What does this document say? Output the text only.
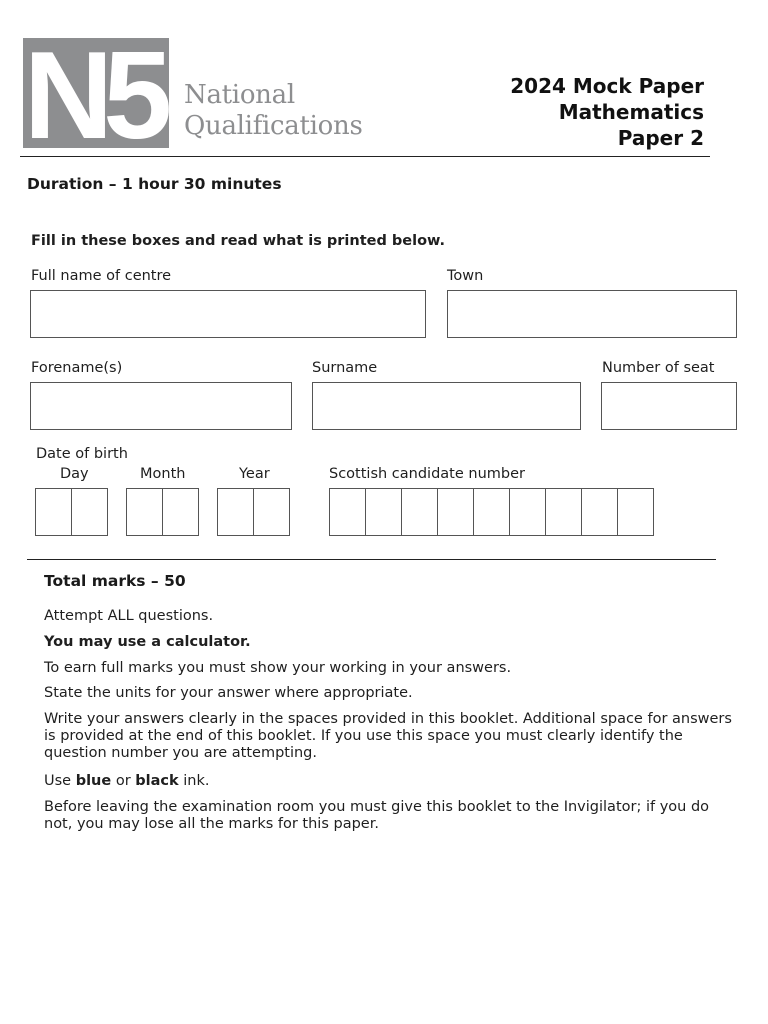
N5 National
Qualifications
2024 Mock Paper
Mathematics
Paper 2
Duration – 1 hour 30 minutes
Fill in these boxes and read what is printed below.
Full name of centre	Town
Forename(s)	Surname	Number of seat
Date of birth
Day	Month	Year	Scottish candidate number
Total marks – 50
Attempt ALL questions.
You may use a calculator.
To earn full marks you must show your working in your answers.
State the units for your answer where appropriate.
Write your answers clearly in the spaces provided in this booklet. Additional space for answers is provided at the end of this booklet. If you use this space you must clearly identify the question number you are attempting.
Use blue or black ink.
Before leaving the examination room you must give this booklet to the Invigilator; if you do not, you may lose all the marks for this paper.
